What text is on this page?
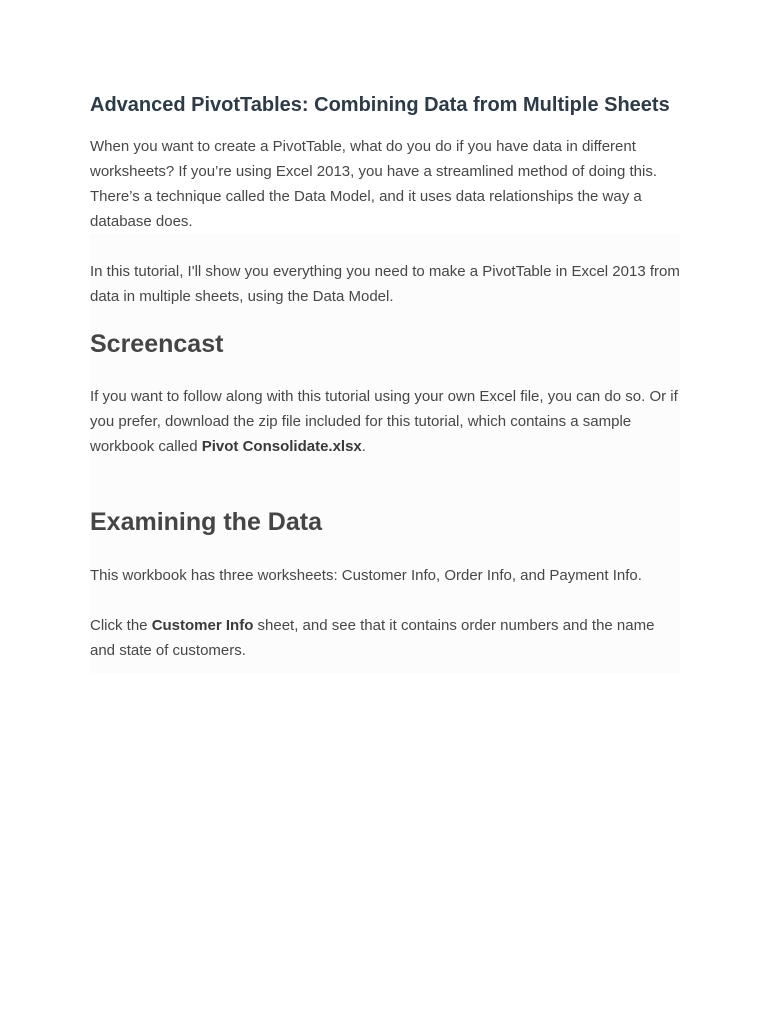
Advanced PivotTables: Combining Data from Multiple Sheets

When you want to create a PivotTable, what do you do if you have data in different worksheets? If you’re using Excel 2013, you have a streamlined method of doing this. There’s a technique called the Data Model, and it uses data relationships the way a database does.

In this tutorial, I'll show you everything you need to make a PivotTable in Excel 2013 from data in multiple sheets, using the Data Model.

Screencast

If you want to follow along with this tutorial using your own Excel file, you can do so. Or if you prefer, download the zip file included for this tutorial, which contains a sample workbook called Pivot Consolidate.xlsx.

Examining the Data

This workbook has three worksheets: Customer Info, Order Info, and Payment Info.

Click the Customer Info sheet, and see that it contains order numbers and the name and state of customers.
